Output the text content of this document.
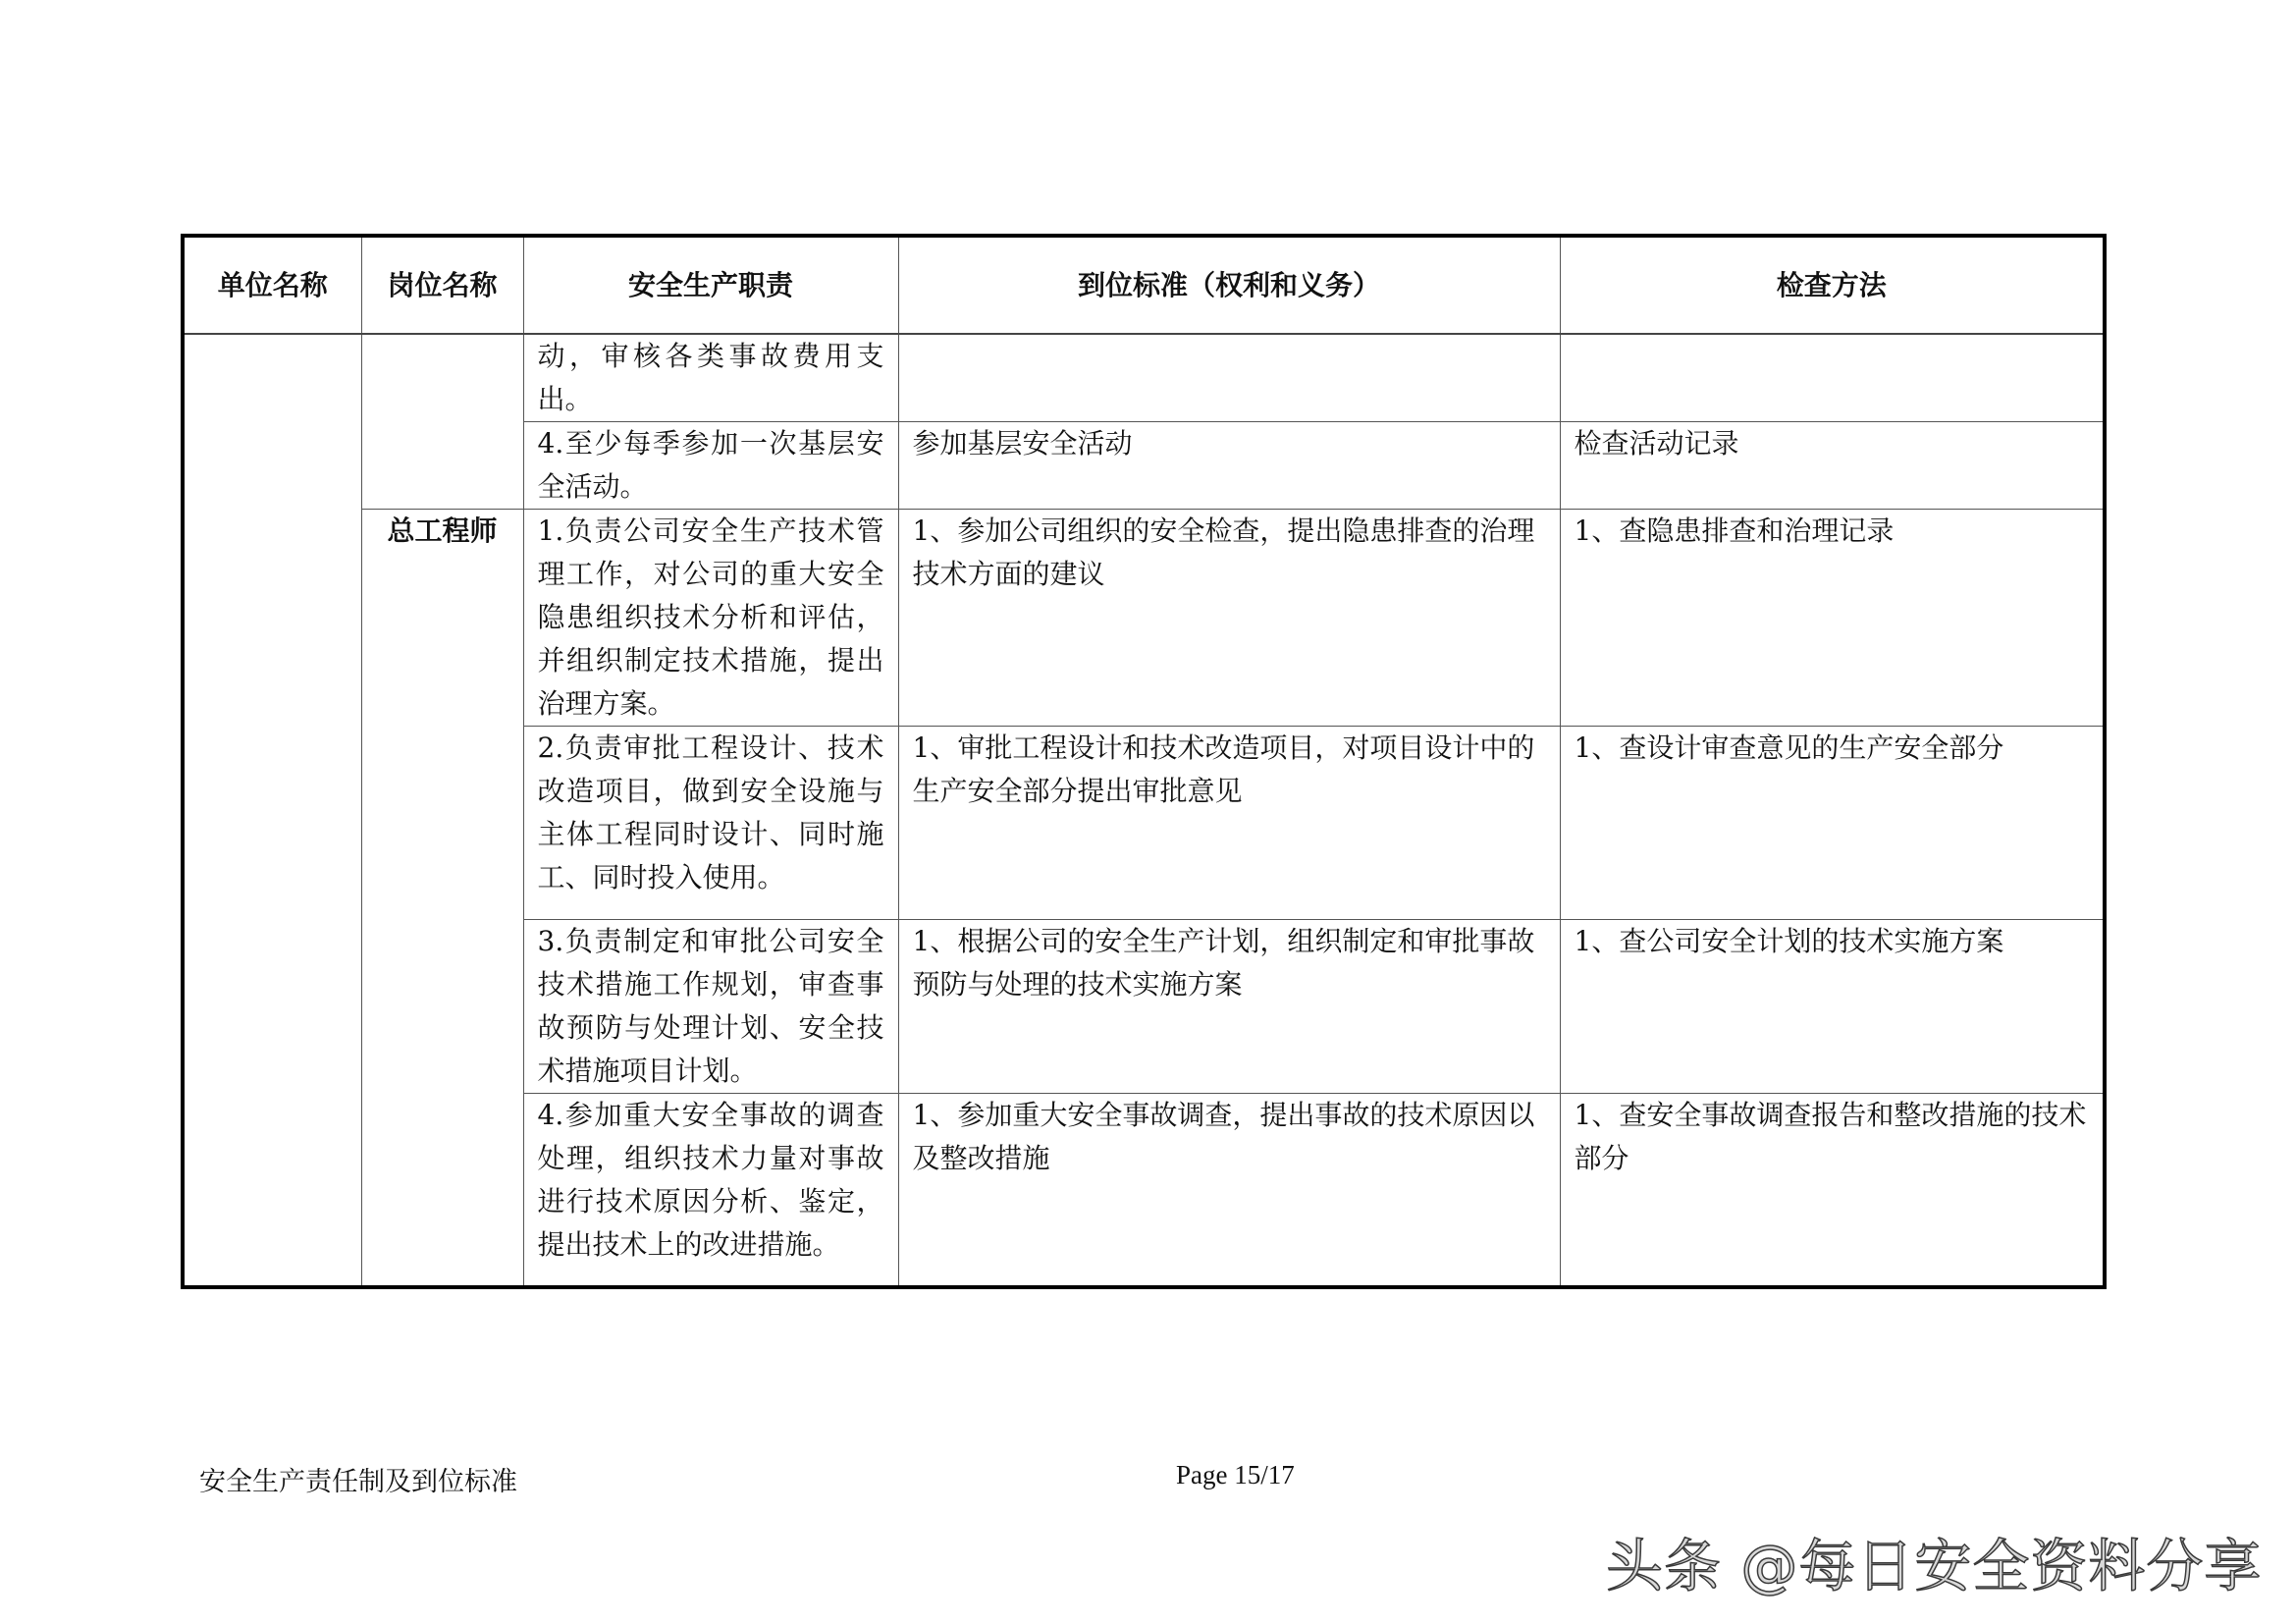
单位名称	岗位名称	安全生产职责	到位标准（权利和义务）	检查方法
		动，审核各类事故费用支出。		
		4.至少每季参加一次基层安全活动。	参加基层安全活动	检查活动记录
	总工程师	1.负责公司安全生产技术管理工作，对公司的重大安全隐患组织技术分析和评估，并组织制定技术措施，提出治理方案。	1、参加公司组织的安全检查，提出隐患排查的治理技术方面的建议	1、查隐患排查和治理记录
		2.负责审批工程设计、技术改造项目，做到安全设施与主体工程同时设计、同时施工、同时投入使用。	1、审批工程设计和技术改造项目，对项目设计中的生产安全部分提出审批意见	1、查设计审查意见的生产安全部分
		3.负责制定和审批公司安全技术措施工作规划，审查事故预防与处理计划、安全技术措施项目计划。	1、根据公司的安全生产计划，组织制定和审批事故预防与处理的技术实施方案	1、查公司安全计划的技术实施方案
		4.参加重大安全事故的调查处理，组织技术力量对事故进行技术原因分析、鉴定，提出技术上的改进措施。	1、参加重大安全事故调查，提出事故的技术原因以及整改措施	1、查安全事故调查报告和整改措施的技术部分
安全生产责任制及到位标准	Page 15/17
头条 @每日安全资料分享
